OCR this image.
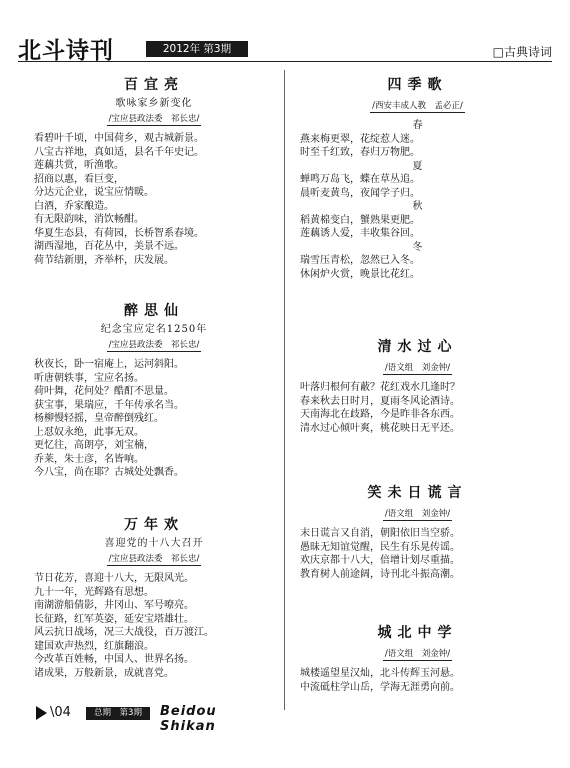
北斗诗刊	2012年 第3期	□古典诗词
百宜亮
歌咏家乡新变化
/宝应县政法委　祁长忠/
看碧叶千顷，中国荷乡，观古城新景。
八宝古祥地，真如适，县名千年史记。
莲藕共赏，听渔歌。
招商以惠，看巨变，
分达元企业，说宝应情暖。
白酒，乔家酿造。
有无限韵味，消饮畅酣。
华夏生态县，有荷园，长桥智系春境。
湖西湿地，百花丛中，美景不远。
荷节结新朋，齐举杯，庆发展。
醉思仙
纪念宝应定名1250年
/宝应县政法委　祁长忠/
秋夜长，卧一宿庵上，运河斜阳。
听唐朝轶事，宝应名扬。
荷叶舞，花何处？酷酊不思量。
获宝事，果瑞应，千年传承名当。
杨柳慢轻摇，皇帝醉倒残红。
上怼奴永绝，此事无双。
更忆往，高朗亭，刘宝楠，
乔莱，朱士彦，名皆响。
今八宝，尚在耶？古城处处飘香。
万年欢
喜迎党的十八大召开
/宝应县政法委　祁长忠/
节日花芳，喜迎十八大，无限风光。
九十一年，光辉路有思想。
南湖游船倩影，井冈山、军号嘹亮。
长征路，红军英姿，延安宝塔雄壮。
风云抗日战场，况三大战役，百万渡江。
建国欢声热烈，红旗翻浪。
今改革百姓畅，中国人、世界名扬。
诸成果，万般新景，成就喜党。
四季歌
/西安丰成人教　孟必正/
春
燕来梅更翠，花绽惹人迷。
时至千红致，春归万物肥。
夏
蝉鸣万岛飞，蝶在草丛追。
晨听麦黄鸟，夜闻学子归。
秋
稻黄棉变白，蟹熟果更肥。
莲藕诱人爱，丰收集谷回。
冬
瑞雪压青松，忽然已入冬。
休闲炉火赏，晚景比花红。
清水过心
/语文组　刘金钟/
叶落归根何有蔽？花红戏水几逢时？
春来秋去日时月，夏雨冬风论酒诗。
天南海北在歧路，今是昨非各东西。
清水过心倾叶爽，桃花映日无平还。
笑未日谎言
/语文组　刘金钟/
末日谎言又自消，朝阳依旧当空骄。
愚昧无知谊觉醒，民生有乐晃传谣。
欢庆京都十八大，倍增计划尽重描。
教育树人前途阔，诗刊北斗振高潮。
城北中学
/语文组　刘金钟/
城楼遥望星汉灿，北斗传辉玉河悬。
中流砥柱学山岳，学海无涯勇向前。
\04	总期　第3期	Beidou Shikan
